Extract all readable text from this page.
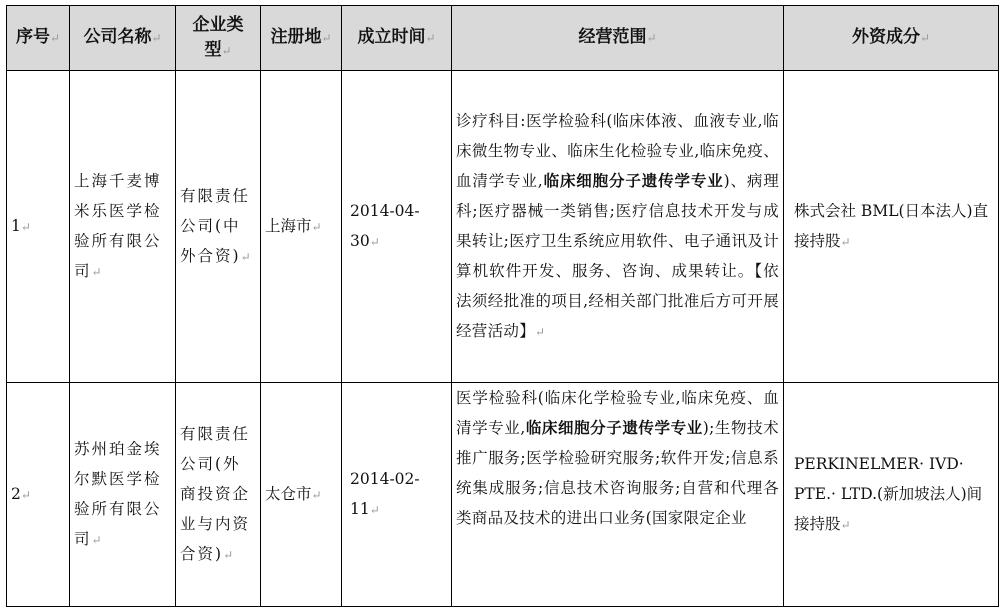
序号↵	公司名称↵	企业类型↵	注册地↵	成立时间↵	经营范围↵	外资成分↵
1↵	上海千麦博米乐医学检验所有限公司↵	有限责任公司(中外合资)↵	上海市↵	2014-04-30↵	诊疗科目:医学检验科(临床体液、血液专业,临床微生物专业、临床生化检验专业,临床免疫、血清学专业,临床细胞分子遗传学专业)、病理科;医疗器械一类销售;医疗信息技术开发与成果转让;医疗卫生系统应用软件、电子通讯及计算机软件开发、服务、咨询、成果转让。【依法须经批准的项目,经相关部门批准后方可开展经营活动】↵	株式会社 BML(日本法人)直接持股↵
2↵	苏州珀金埃尔默医学检验所有限公司↵	有限责任公司(外商投资企业与内资合资)↵	太仓市↵	2014-02-11↵	医学检验科(临床化学检验专业,临床免疫、血清学专业,临床细胞分子遗传学专业);生物技术推广服务;医学检验研究服务;软件开发;信息系统集成服务;信息技术咨询服务;自营和代理各类商品及技术的进出口业务(国家限定企业	PERKINELMER· IVD· PTE.· LTD.(新加坡法人)间接持股↵
